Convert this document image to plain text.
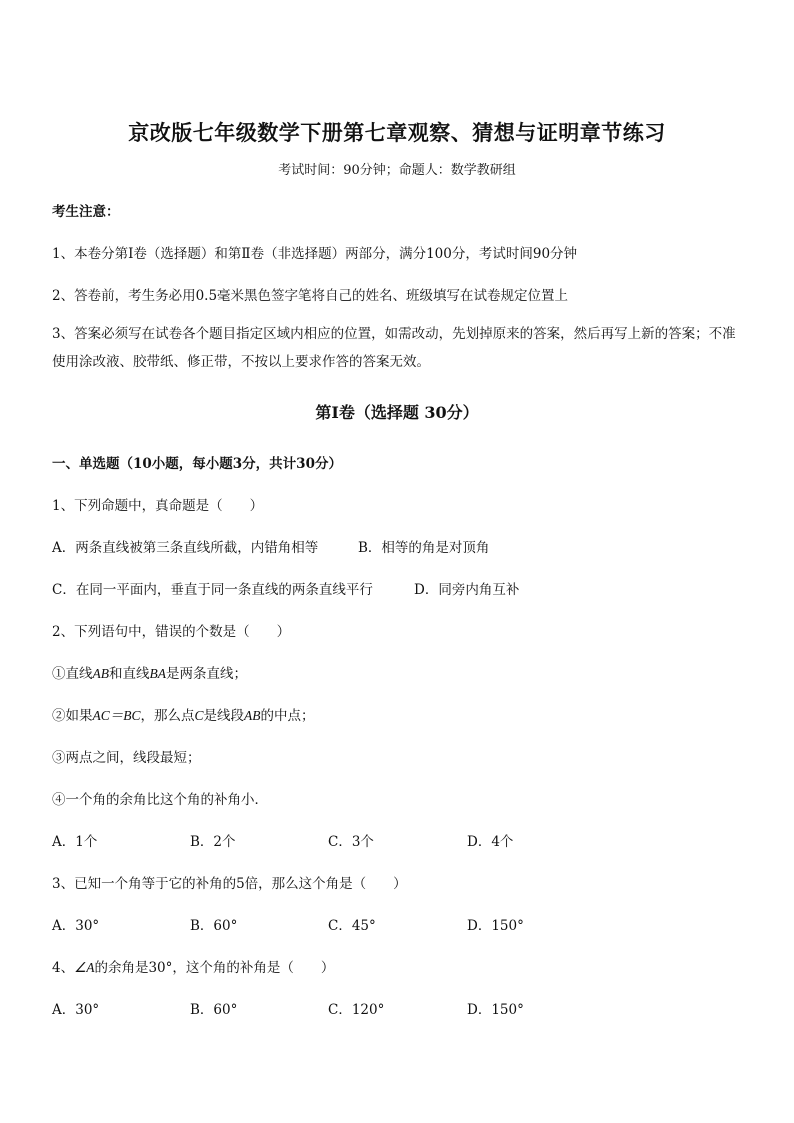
京改版七年级数学下册第七章观察、猜想与证明章节练习
考试时间：90分钟；命题人：数学教研组
考生注意：
1、本卷分第Ⅰ卷（选择题）和第Ⅱ卷（非选择题）两部分，满分100分，考试时间90分钟
2、答卷前，考生务必用0.5毫米黑色签字笔将自己的姓名、班级填写在试卷规定位置上
3、答案必须写在试卷各个题目指定区域内相应的位置，如需改动，先划掉原来的答案，然后再写上新的答案；不准使用涂改液、胶带纸、修正带，不按以上要求作答的答案无效。
第Ⅰ卷（选择题 30分）
一、单选题（10小题，每小题3分，共计30分）
1、下列命题中，真命题是（　　）
A．两条直线被第三条直线所截，内错角相等	B．相等的角是对顶角
C．在同一平面内，垂直于同一条直线的两条直线平行	D．同旁内角互补
2、下列语句中，错误的个数是（　　）
①直线AB和直线BA是两条直线；
②如果AC＝BC，那么点C是线段AB的中点；
③两点之间，线段最短；
④一个角的余角比这个角的补角小．
A．1个	B．2个	C．3个	D．4个
3、已知一个角等于它的补角的5倍，那么这个角是（　　）
A．30°	B．60°	C．45°	D．150°
4、∠A的余角是30°，这个角的补角是（　　）
A．30°	B．60°	C．120°	D．150°
